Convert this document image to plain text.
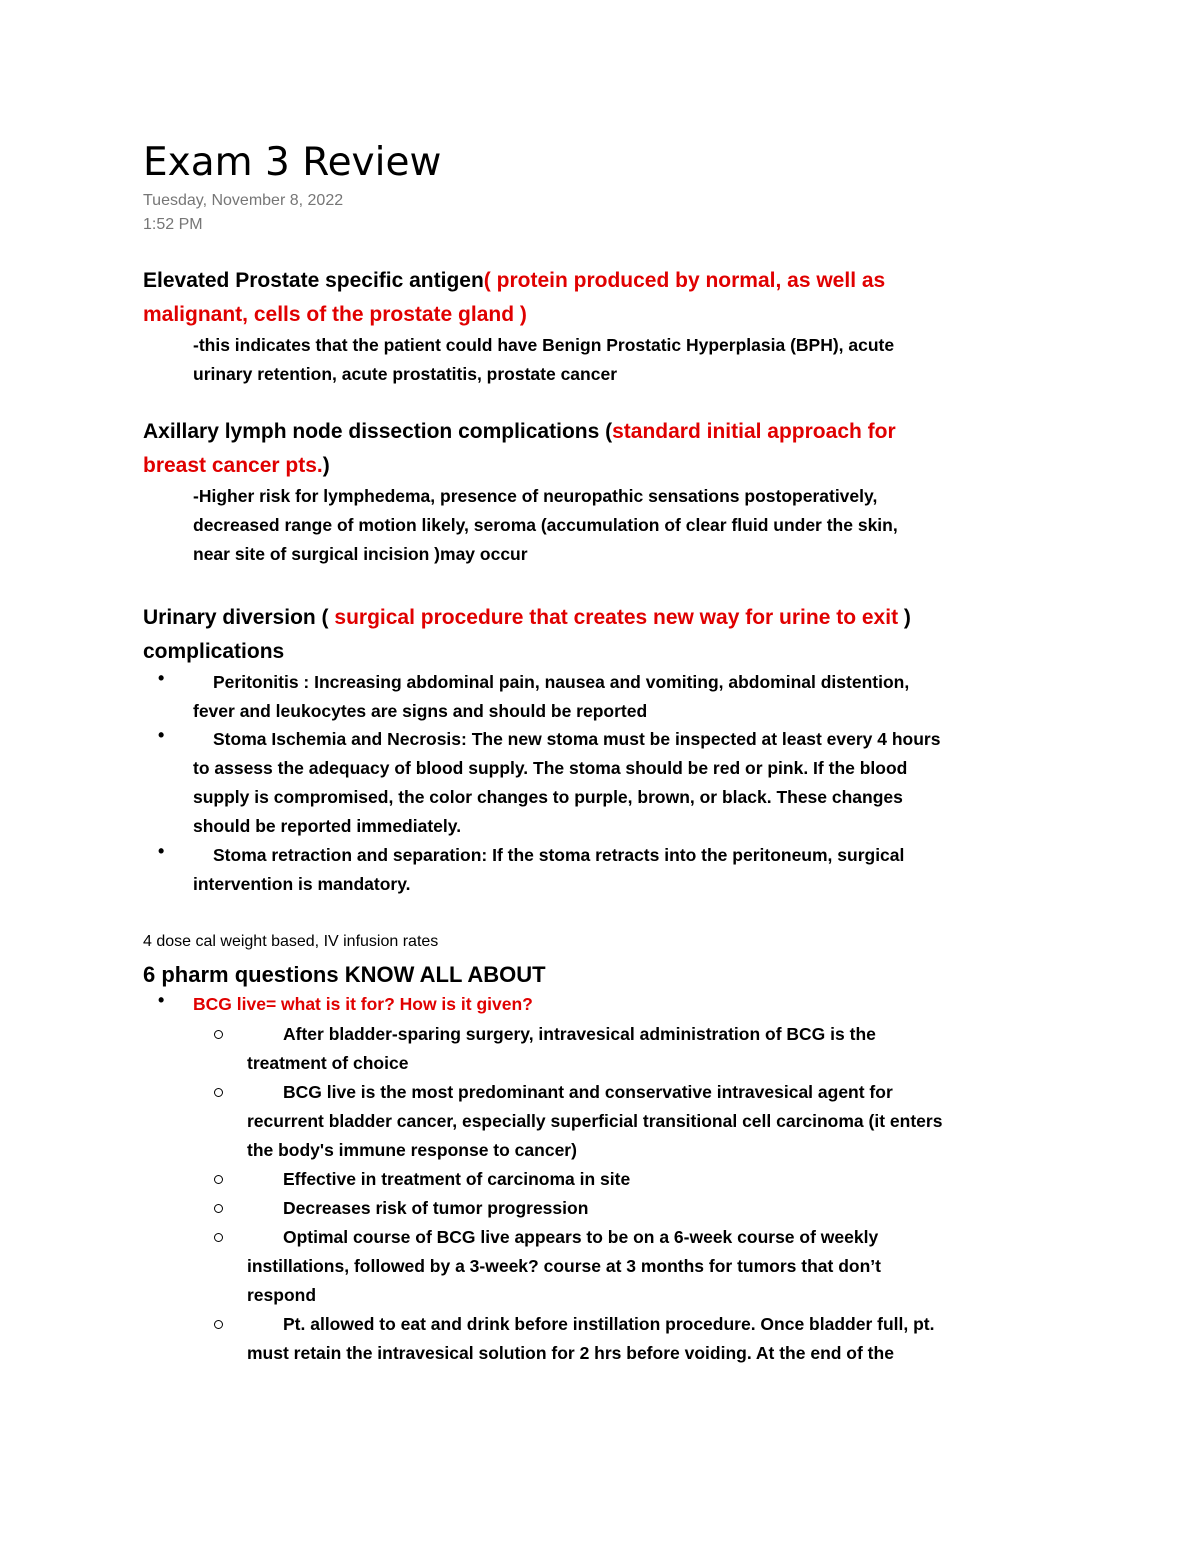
Exam 3 Review
Tuesday, November 8, 2022
1:52 PM
Elevated Prostate specific antigen( protein produced by normal, as well as
malignant, cells of the prostate gland )
-this indicates that the patient could have Benign Prostatic Hyperplasia (BPH), acute
urinary retention, acute prostatitis, prostate cancer
Axillary lymph node dissection complications (standard initial approach for
breast cancer pts.)
-Higher risk for lymphedema, presence of neuropathic sensations postoperatively,
decreased range of motion likely, seroma (accumulation of clear fluid under the skin,
near site of surgical incision )may occur
Urinary diversion ( surgical procedure that creates new way for urine to exit )
complications
•	Peritonitis : Increasing abdominal pain, nausea and vomiting, abdominal distention,
fever and leukocytes are signs and should be reported
•	Stoma Ischemia and Necrosis: The new stoma must be inspected at least every 4 hours
to assess the adequacy of blood supply. The stoma should be red or pink. If the blood
supply is compromised, the color changes to purple, brown, or black. These changes
should be reported immediately.
•	Stoma retraction and separation: If the stoma retracts into the peritoneum, surgical
intervention is mandatory.
4 dose cal weight based, IV infusion rates
6 pharm questions KNOW ALL ABOUT
• BCG live= what is it for? How is it given?
After bladder-sparing surgery, intravesical administration of BCG is the
treatment of choice
BCG live is the most predominant and conservative intravesical agent for
recurrent bladder cancer, especially superficial transitional cell carcinoma (it enters
the body's immune response to cancer)
Effective in treatment of carcinoma in site
Decreases risk of tumor progression
Optimal course of BCG live appears to be on a 6-week course of weekly
instillations, followed by a 3-week? course at 3 months for tumors that don’t
respond
Pt. allowed to eat and drink before instillation procedure. Once bladder full, pt.
must retain the intravesical solution for 2 hrs before voiding. At the end of the
